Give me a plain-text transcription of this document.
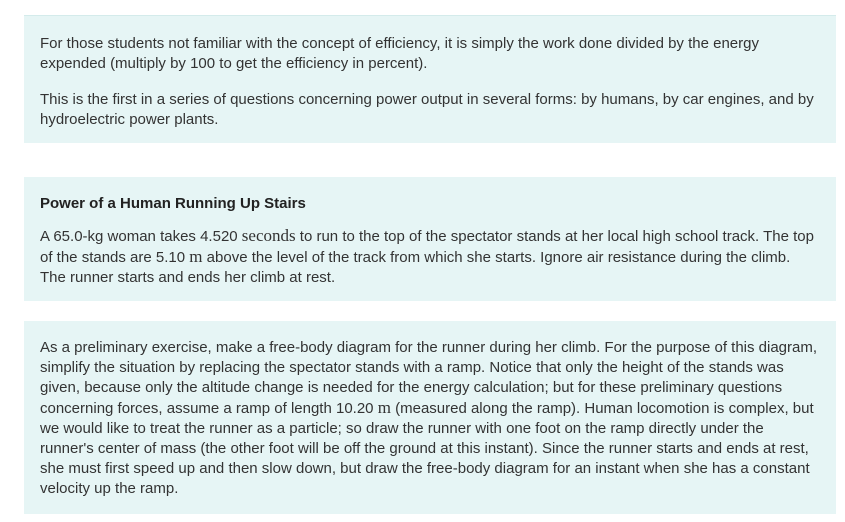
For those students not familiar with the concept of efficiency, it is simply the work done divided by the energy expended (multiply by 100 to get the efficiency in percent).

This is the first in a series of questions concerning power output in several forms: by humans, by car engines, and by hydroelectric power plants.

Power of a Human Running Up Stairs

A 65.0-kg woman takes 4.520 seconds to run to the top of the spectator stands at her local high school track. The top of the stands are 5.10 m above the level of the track from which she starts. Ignore air resistance during the climb. The runner starts and ends her climb at rest.

As a preliminary exercise, make a free-body diagram for the runner during her climb. For the purpose of this diagram, simplify the situation by replacing the spectator stands with a ramp. Notice that only the height of the stands was given, because only the altitude change is needed for the energy calculation; but for these preliminary questions concerning forces, assume a ramp of length 10.20 m (measured along the ramp). Human locomotion is complex, but we would like to treat the runner as a particle; so draw the runner with one foot on the ramp directly under the runner's center of mass (the other foot will be off the ground at this instant). Since the runner starts and ends at rest, she must first speed up and then slow down, but draw the free-body diagram for an instant when she has a constant velocity up the ramp.
